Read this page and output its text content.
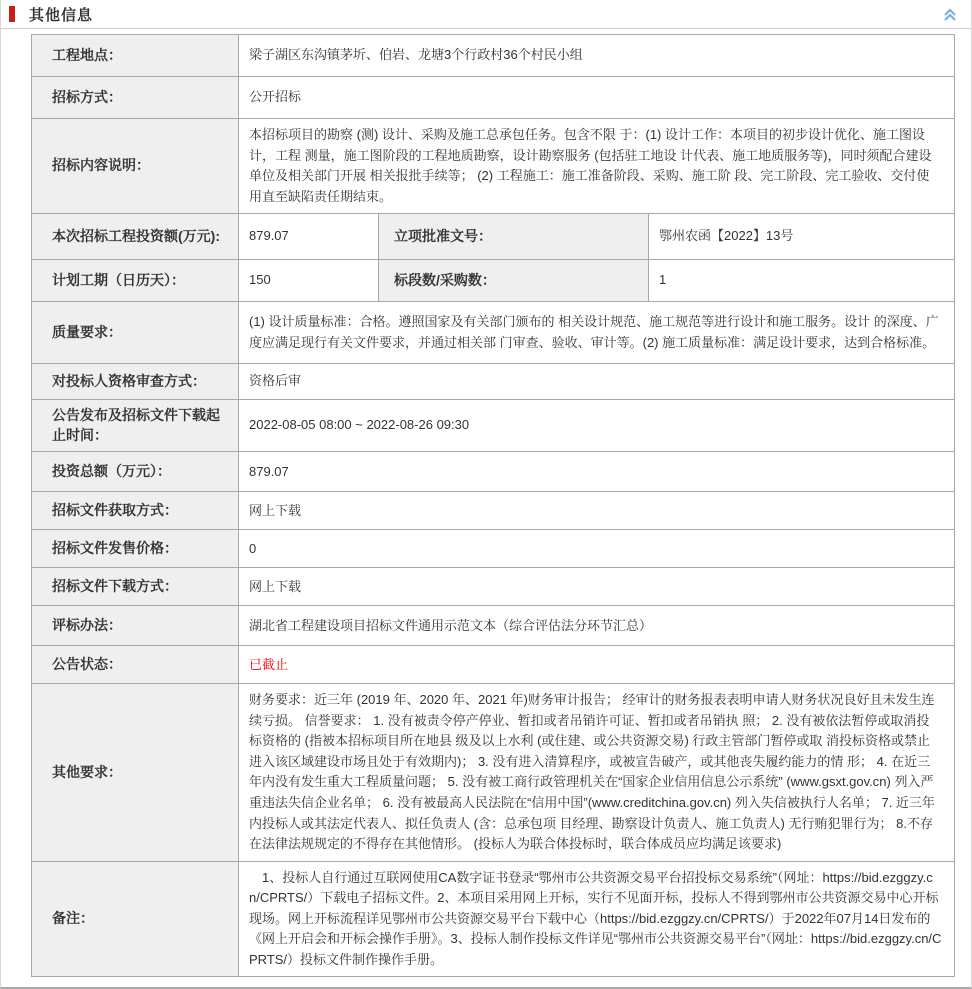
其他信息
工程地点：	梁子湖区东沟镇茅圻、伯岩、龙塘3个行政村36个村民小组		
招标方式：	公开招标		
招标内容说明：	本招标项目的勘察 (测) 设计、采购及施工总承包任务。包含不限 于：(1) 设计工作：本项目的初步设计优化、施工图设计，工程 测量，施工图阶段的工程地质勘察，设计勘察服务 (包括驻工地设 计代表、施工地质服务等)，同时须配合建设单位及相关部门开展 相关报批手续等； (2) 工程施工：施工准备阶段、采购、施工阶 段、完工阶段、完工验收、交付使用直至缺陷责任期结束。		
本次招标工程投资额(万元):	879.07	立项批准文号：	鄂州农函【2022】13号
计划工期（日历天）：	150	标段数/采购数：	1
质量要求：	(1) 设计质量标准：合格。遵照国家及有关部门颁布的 相关设计规范、施工规范等进行设计和施工服务。设计 的深度、广度应满足现行有关文件要求，并通过相关部 门审查、验收、审计等。(2) 施工质量标准：满足设计要求，达到合格标准。		
对投标人资格审查方式：	资格后审		
公告发布及招标文件下载起止时间：	2022-08-05 08:00 ~ 2022-08-26 09:30		
投资总额（万元）：	879.07		
招标文件获取方式：	网上下载		
招标文件发售价格：	0		
招标文件下载方式：	网上下载		
评标办法：	湖北省工程建设项目招标文件通用示范文本（综合评估法分环节汇总）		
公告状态：	已截止		
其他要求：	财务要求：近三年 (2019 年、2020 年、2021 年)财务审计报告； 经审计的财务报表表明申请人财务状况良好且未发生连续亏损。 信誉要求： 1. 没有被责令停产停业、暂扣或者吊销许可证、暂扣或者吊销执 照； 2. 没有被依法暂停或取消投标资格的 (指被本招标项目所在地县 级及以上水利 (或住建、或公共资源交易) 行政主管部门暂停或取 消投标资格或禁止进入该区域建设市场且处于有效期内)； 3. 没有进入清算程序，或被宣告破产，或其他丧失履约能力的情 形； 4. 在近三年内没有发生重大工程质量问题； 5. 没有被工商行政管理机关在“国家企业信用信息公示系统” (www.gsxt.gov.cn) 列入严重违法失信企业名单； 6. 没有被最高人民法院在“信用中国”(www.creditchina.gov.cn) 列入失信被执行人名单； 7. 近三年内投标人或其法定代表人、拟任负责人 (含：总承包项 目经理、勘察设计负责人、施工负责人) 无行贿犯罪行为； 8.不存在法律法规规定的不得存在其他情形。 (投标人为联合体投标时，联合体成员应均满足该要求)		
备注：	　1、投标人自行通过互联网使用CA数字证书登录“鄂州市公共资源交易平台招投标交易系统”（网址：https://bid.ezggzy.cn/CPRTS/）下载电子招标文件。2、本项目采用网上开标，实行不见面开标，投标人不得到鄂州市公共资源交易中心开标现场。网上开标流程详见鄂州市公共资源交易平台下载中心（https://bid.ezggzy.cn/CPRTS/）于2022年07月14日发布的《网上开启会和开标会操作手册》。3、投标人制作投标文件详见“鄂州市公共资源交易平台”（网址：https://bid.ezggzy.cn/CPRTS/）投标文件制作操作手册。		
